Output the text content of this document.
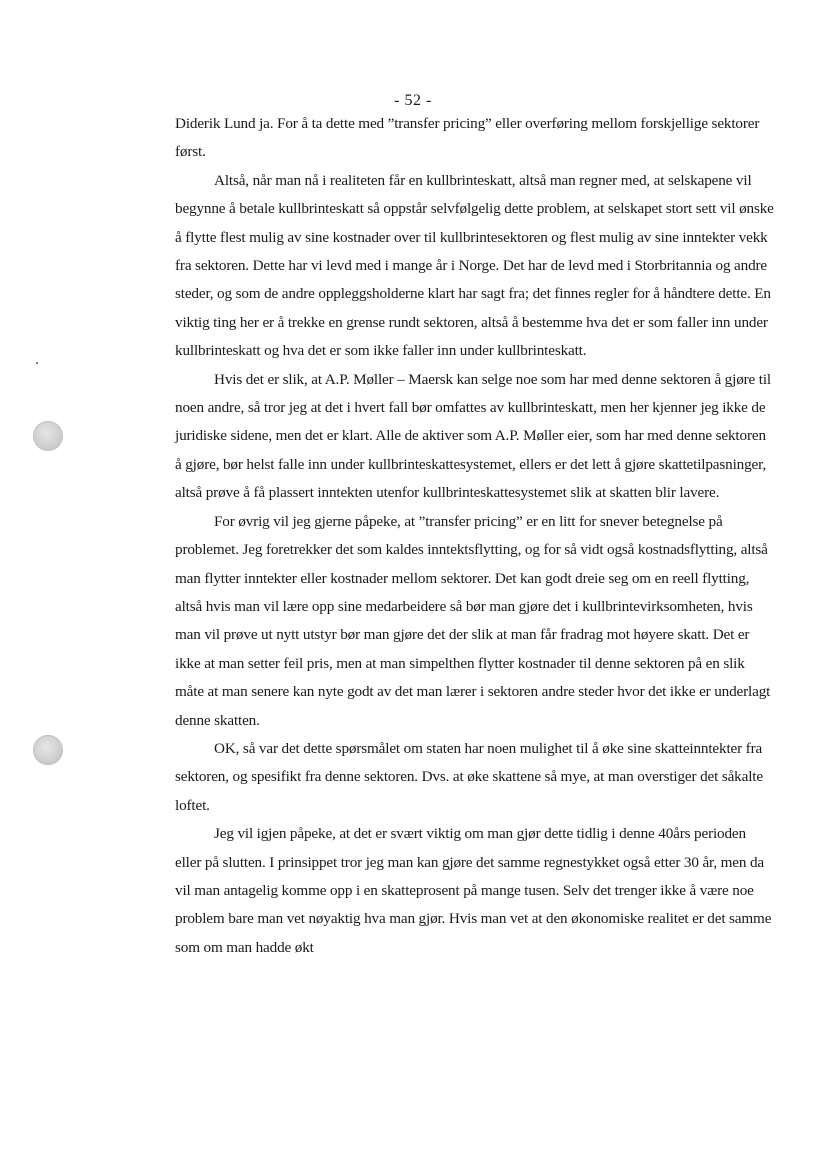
- 52 -

Diderik Lund ja. For å ta dette med ”transfer pricing” eller overføring mellom forskjellige sektorer først.

Altså, når man nå i realiteten får en kullbrinteskatt, altså man regner med, at selskapene vil begynne å betale kullbrinteskatt så oppstår selvfølgelig dette problem, at selskapet stort sett vil ønske å flytte flest mulig av sine kostnader over til kullbrintesektoren og flest mulig av sine inntekter vekk fra sektoren. Dette har vi levd med i mange år i Norge. Det har de levd med i Storbritannia og andre steder, og som de andre oppleggsholderne klart har sagt fra; det finnes regler for å håndtere dette. En viktig ting her er å trekke en grense rundt sektoren, altså å bestemme hva det er som faller inn under kullbrinteskatt og hva det er som ikke faller inn under kullbrinteskatt.

Hvis det er slik, at A.P. Møller – Maersk kan selge noe som har med denne sektoren å gjøre til noen andre, så tror jeg at det i hvert fall bør omfattes av kullbrinteskatt, men her kjenner jeg ikke de juridiske sidene, men det er klart. Alle de aktiver som A.P. Møller eier, som har med denne sektoren å gjøre, bør helst falle inn under kullbrinteskattesystemet, ellers er det lett å gjøre skattetilpasninger, altså prøve å få plassert inntekten utenfor kullbrinteskattesystemet slik at skatten blir lavere.

For øvrig vil jeg gjerne påpeke, at ”transfer pricing” er en litt for snever betegnelse på problemet. Jeg foretrekker det som kaldes inntektsflytting, og for så vidt også kostnadsflytting, altså man flytter inntekter eller kostnader mellom sektorer. Det kan godt dreie seg om en reell flytting, altså hvis man vil lære opp sine medarbeidere så bør man gjøre det i kullbrintevirksomheten, hvis man vil prøve ut nytt utstyr bør man gjøre det der slik at man får fradrag mot høyere skatt. Det er ikke at man setter feil pris, men at man simpelthen flytter kostnader til denne sektoren på en slik måte at man senere kan nyte godt av det man lærer i sektoren andre steder hvor det ikke er underlagt denne skatten.

OK, så var det dette spørsmålet om staten har noen mulighet til å øke sine skatteinntekter fra sektoren, og spesifikt fra denne sektoren. Dvs. at øke skattene så mye, at man overstiger det såkalte loftet.

Jeg vil igjen påpeke, at det er svært viktig om man gjør dette tidlig i denne 40års perioden eller på slutten. I prinsippet tror jeg man kan gjøre det samme regnestykket også etter 30 år, men da vil man antagelig komme opp i en skatteprosent på mange tusen. Selv det trenger ikke å være noe problem bare man vet nøyaktig hva man gjør. Hvis man vet at den økonomiske realitet er det samme som om man hadde økt
